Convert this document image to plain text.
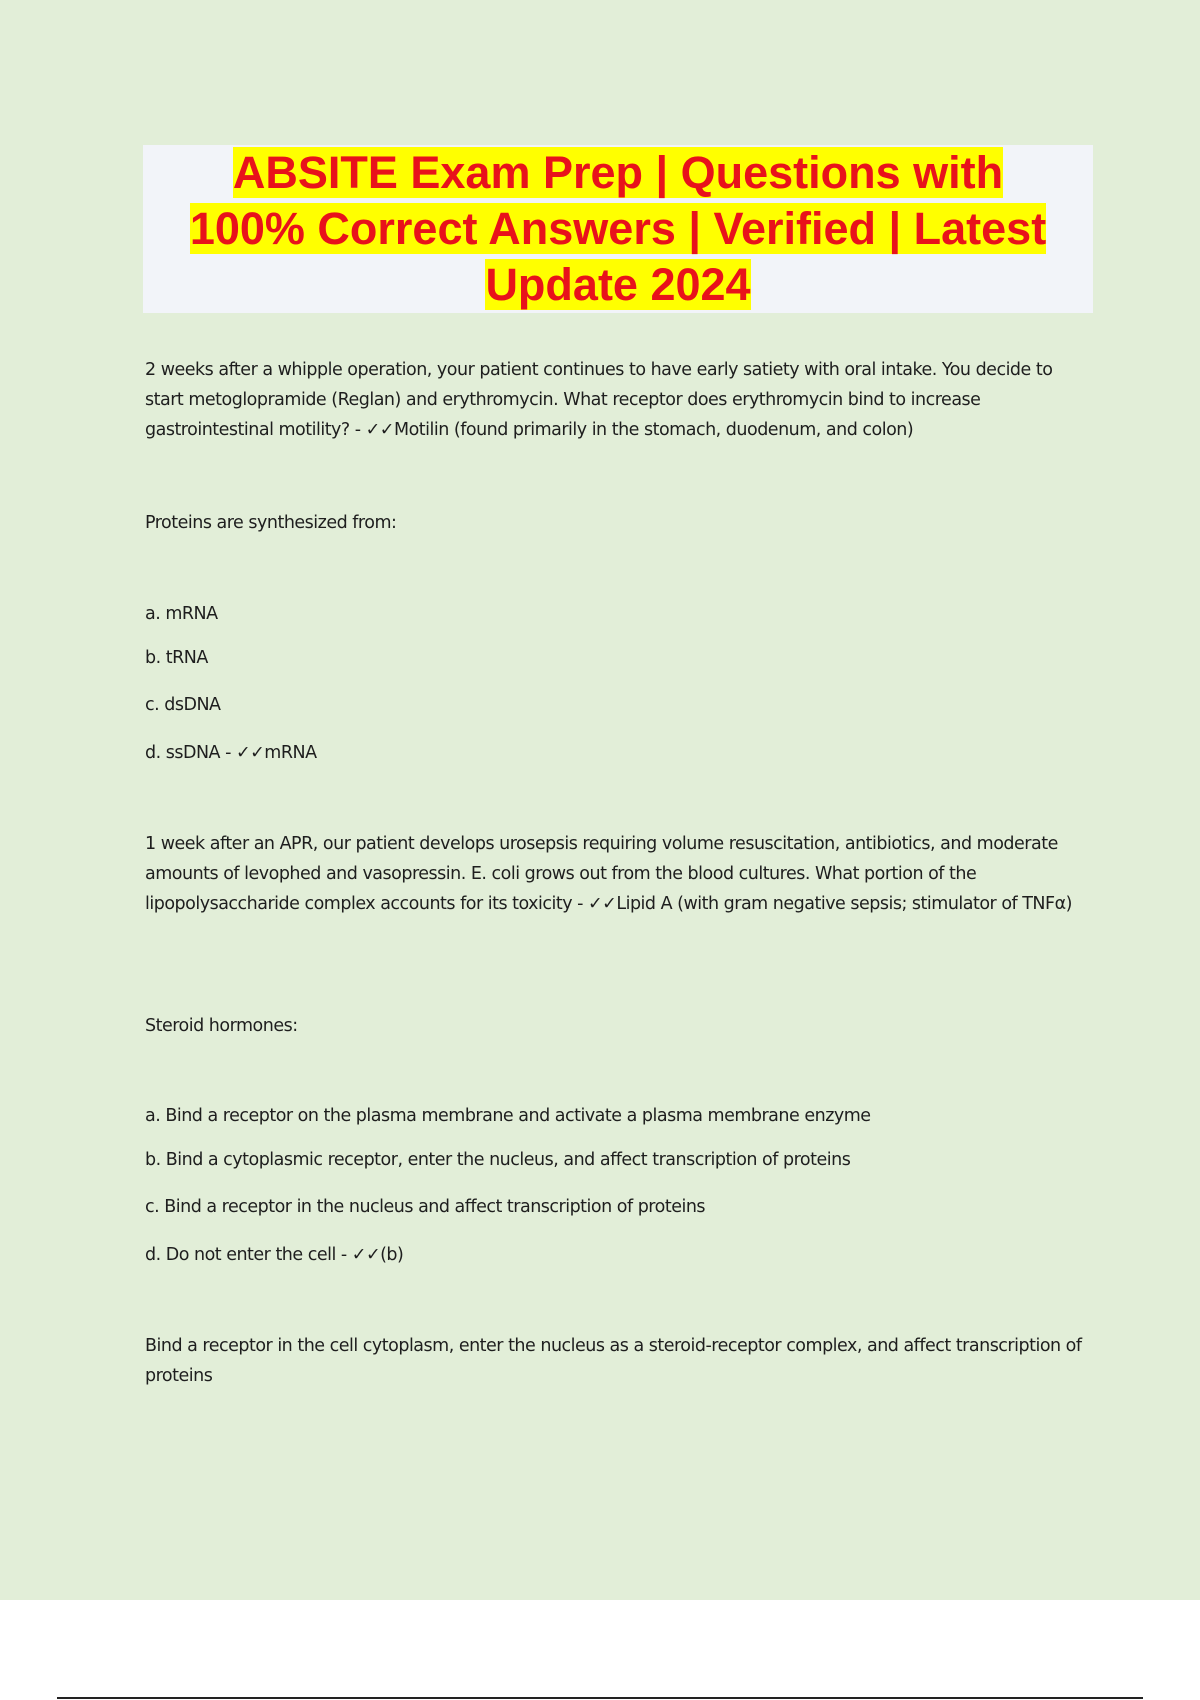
ABSITE Exam Prep | Questions with
100% Correct Answers | Verified | Latest
Update 2024

2 weeks after a whipple operation, your patient continues to have early satiety with oral intake. You decide to start metoglopramide (Reglan) and erythromycin. What receptor does erythromycin bind to increase gastrointestinal motility? - ✓✓Motilin (found primarily in the stomach, duodenum, and colon)

Proteins are synthesized from:

a. mRNA

b. tRNA

c. dsDNA

d. ssDNA - ✓✓mRNA

1 week after an APR, our patient develops urosepsis requiring volume resuscitation, antibiotics, and moderate amounts of levophed and vasopressin. E. coli grows out from the blood cultures. What portion of the lipopolysaccharide complex accounts for its toxicity - ✓✓Lipid A (with gram negative sepsis; stimulator of TNFα)

Steroid hormones:

a. Bind a receptor on the plasma membrane and activate a plasma membrane enzyme

b. Bind a cytoplasmic receptor, enter the nucleus, and affect transcription of proteins

c. Bind a receptor in the nucleus and affect transcription of proteins

d. Do not enter the cell - ✓✓(b)

Bind a receptor in the cell cytoplasm, enter the nucleus as a steroid-receptor complex, and affect transcription of proteins
